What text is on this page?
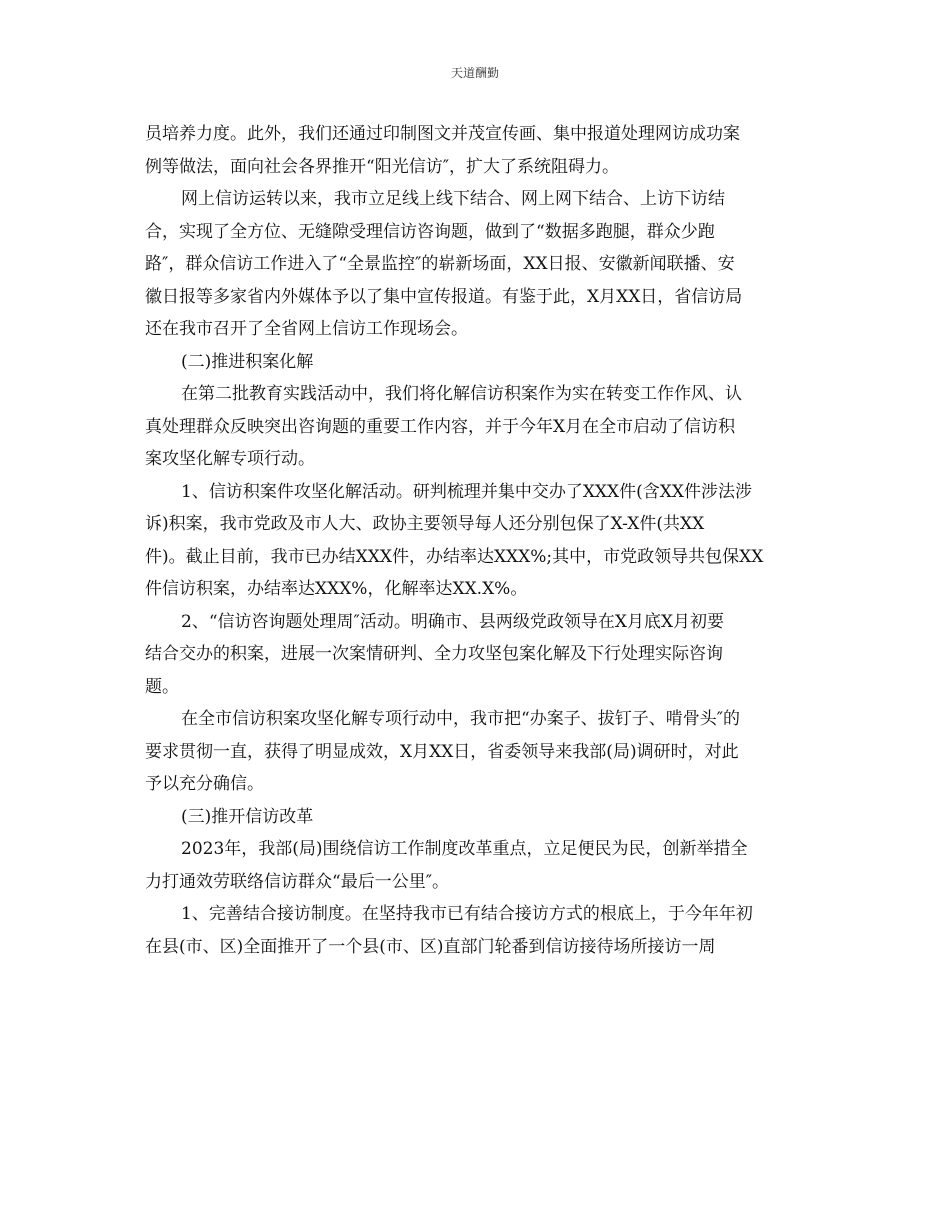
天道酬勤
员培养力度。此外，我们还通过印制图文并茂宣传画、集中报道处理网访成功案
例等做法，面向社会各界推开“阳光信访″，扩大了系统阻碍力。
网上信访运转以来，我市立足线上线下结合、网上网下结合、上访下访结
合，实现了全方位、无缝隙受理信访咨询题，做到了“数据多跑腿，群众少跑
路″，群众信访工作进入了“全景监控″的崭新场面，XX日报、安徽新闻联播、安
徽日报等多家省内外媒体予以了集中宣传报道。有鉴于此，X月XX日，省信访局
还在我市召开了全省网上信访工作现场会。
(二)推进积案化解
在第二批教育实践活动中，我们将化解信访积案作为实在转变工作作风、认
真处理群众反映突出咨询题的重要工作内容，并于今年X月在全市启动了信访积
案攻坚化解专项行动。
1、信访积案件攻坚化解活动。研判梳理并集中交办了XXX件(含XX件涉法涉
诉)积案，我市党政及市人大、政协主要领导每人还分别包保了X-X件(共XX
件)。截止目前，我市已办结XXX件，办结率达XXX%;其中，市党政领导共包保XX
件信访积案，办结率达XXX%，化解率达XX.X%。
2、“信访咨询题处理周″活动。明确市、县两级党政领导在X月底X月初要
结合交办的积案，进展一次案情研判、全力攻坚包案化解及下行处理实际咨询
题。
在全市信访积案攻坚化解专项行动中，我市把“办案子、拔钉子、啃骨头″的
要求贯彻一直，获得了明显成效，X月XX日，省委领导来我部(局)调研时，对此
予以充分确信。
(三)推开信访改革
2023年，我部(局)围绕信访工作制度改革重点，立足便民为民，创新举措全
力打通效劳联络信访群众“最后一公里″。
1、完善结合接访制度。在坚持我市已有结合接访方式的根底上，于今年年初
在县(市、区)全面推开了一个县(市、区)直部门轮番到信访接待场所接访一周
